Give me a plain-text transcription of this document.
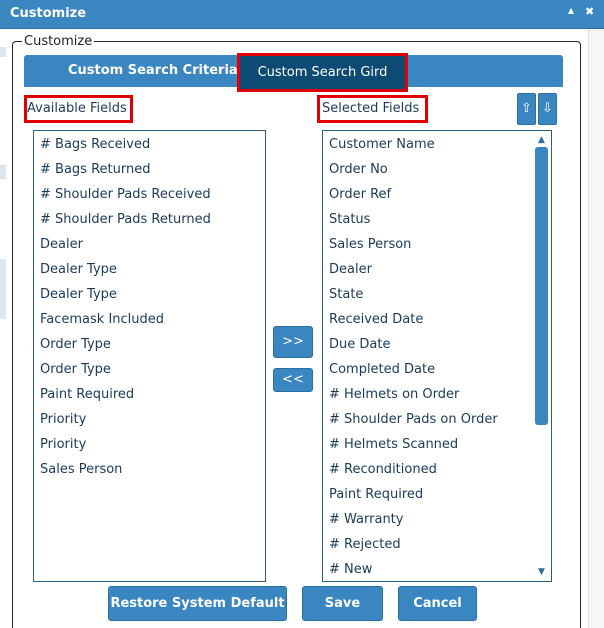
Customize	▴ ✖
Customize
Custom Search Criteria	Custom Search Gird
Available Fields	Selected Fields	⇧ ⇩
# Bags Received
# Bags Returned
# Shoulder Pads Received
# Shoulder Pads Returned
Dealer
Dealer Type
Dealer Type
Facemask Included
Order Type
Order Type
Paint Required
Priority
Priority
Sales Person
>>
<<
Customer Name
Order No
Order Ref
Status
Sales Person
Dealer
State
Received Date
Due Date
Completed Date
# Helmets on Order
# Shoulder Pads on Order
# Helmets Scanned
# Reconditioned
Paint Required
# Warranty
# Rejected
# New
▲
▼
Restore System Default	Save	Cancel
